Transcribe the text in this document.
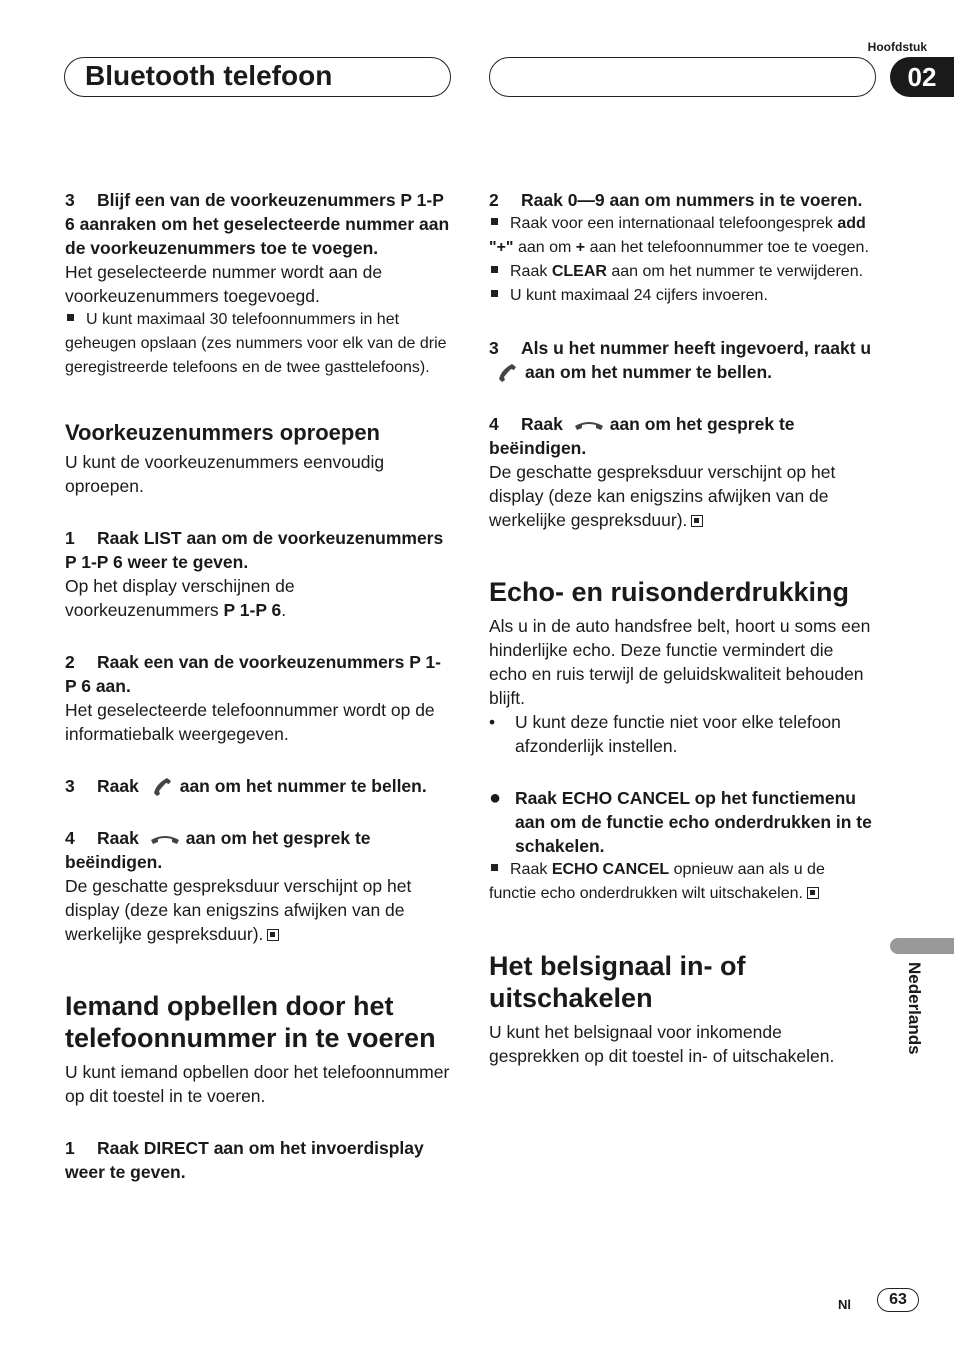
Bluetooth telefoon
Hoofdstuk
02

3 Blijf een van de voorkeuzenummers P 1-P 6 aanraken om het geselecteerde nummer aan de voorkeuzenummers toe te voegen.

Het geselecteerde nummer wordt aan de voorkeuzenummers toegevoegd.

U kunt maximaal 30 telefoonnummers in het geheugen opslaan (zes nummers voor elk van de drie geregistreerde telefoons en de twee gasttelefoons).

Voorkeuzenummers oproepen

U kunt de voorkeuzenummers eenvoudig oproepen.

1 Raak LIST aan om de voorkeuzenummers P 1-P 6 weer te geven.

Op het display verschijnen de voorkeuzenummers P 1-P 6.

2 Raak een van de voorkeuzenummers P 1-P 6 aan.

Het geselecteerde telefoonnummer wordt op de informatiebalk weergegeven.

3 Raak aan om het nummer te bellen.

4 Raak	aan om het gesprek te beëindigen.

De geschatte gespreksduur verschijnt op het display (deze kan enigszins afwijken van de werkelijke gespreksduur).

Iemand opbellen door het telefoonnummer in te voeren

U kunt iemand opbellen door het telefoonnummer op dit toestel in te voeren.

1 Raak DIRECT aan om het invoerdisplay weer te geven.

2 Raak 0—9 aan om nummers in te voeren.

Raak voor een internationaal telefoongesprek add "+" aan om + aan het telefoonnummer toe te voegen.

Raak CLEAR aan om het nummer te verwijderen.

U kunt maximaal 24 cijfers invoeren.

3 Als u het nummer heeft ingevoerd, raakt u aan om het nummer te bellen.

4 Raak	aan om het gesprek te beëindigen.

De geschatte gespreksduur verschijnt op het display (deze kan enigszins afwijken van de werkelijke gespreksduur).

Echo- en ruisonderdrukking

Als u in de auto handsfree belt, hoort u soms een hinderlijke echo. Deze functie vermindert die echo en ruis terwijl de geluidskwaliteit behouden blijft.

• U kunt deze functie niet voor elke telefoon afzonderlijk instellen.

● Raak ECHO CANCEL op het functiemenu aan om de functie echo onderdrukken in te schakelen.

Raak ECHO CANCEL opnieuw aan als u de functie echo onderdrukken wilt uitschakelen.

Het belsignaal in- of uitschakelen

U kunt het belsignaal voor inkomende gesprekken op dit toestel in- of uitschakelen.

Nederlands
Nl	63
